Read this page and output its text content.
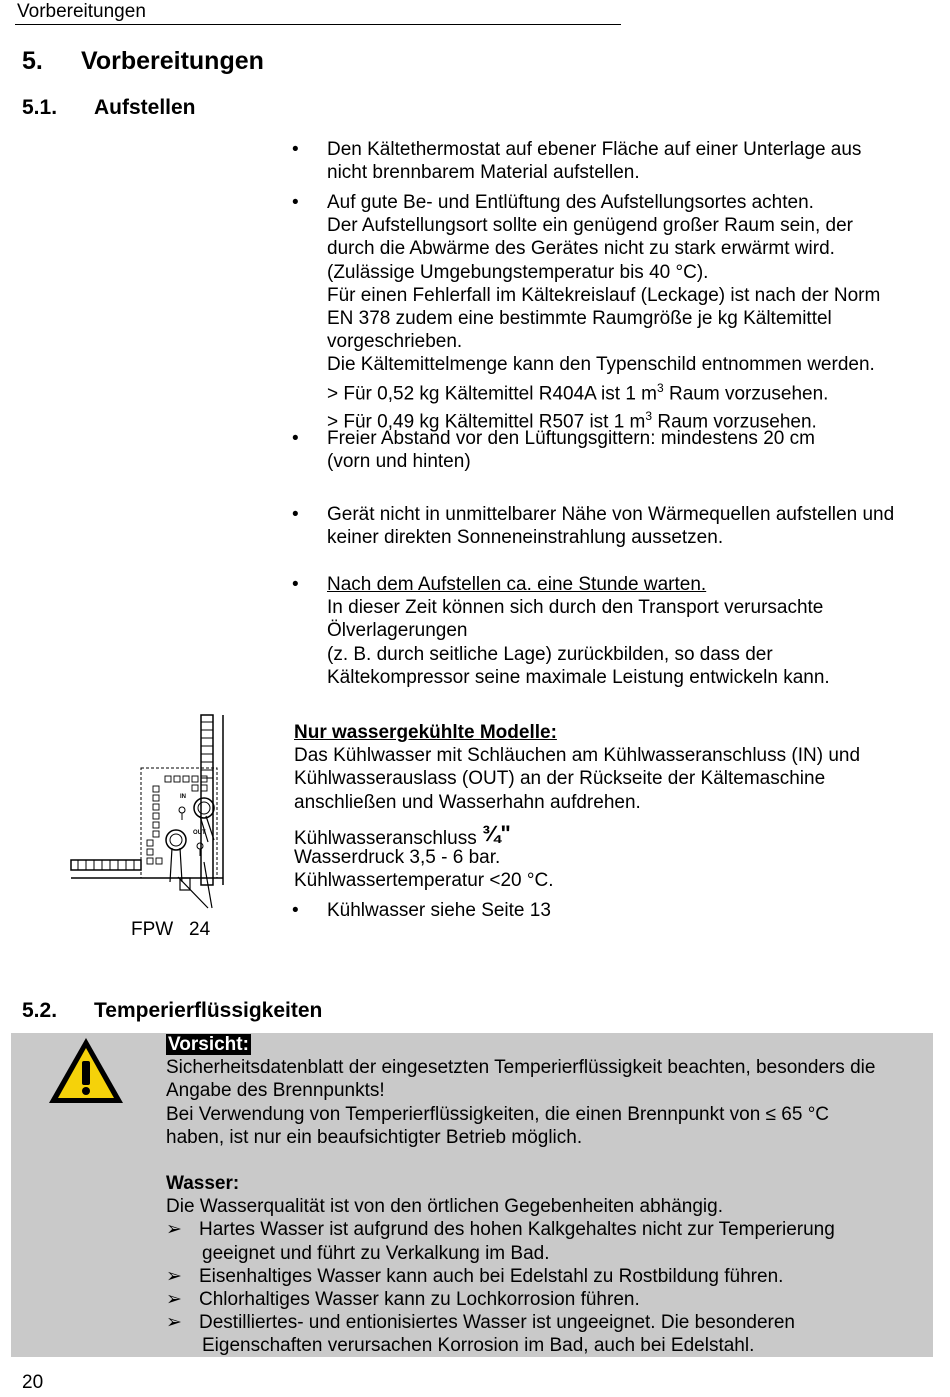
Vorbereitungen
5. Vorbereitungen
5.1. Aufstellen
• Den Kältethermostat auf ebener Fläche auf einer Unterlage aus
nicht brennbarem Material aufstellen.
• Auf gute Be- und Entlüftung des Aufstellungsortes achten.
Der Aufstellungsort sollte ein genügend großer Raum sein, der
durch die Abwärme des Gerätes nicht zu stark erwärmt wird.
(Zulässige Umgebungstemperatur bis 40 °C).
Für einen Fehlerfall im Kältekreislauf (Leckage) ist nach der Norm
EN 378 zudem eine bestimmte Raumgröße je kg Kältemittel
vorgeschrieben.
Die Kältemittelmenge kann den Typenschild entnommen werden.
> Für 0,52 kg Kältemittel R404A ist 1 $m^3$ Raum vorzusehen.
> Für 0,49 kg Kältemittel R507 ist 1 $m^3$ Raum vorzusehen.
• Freier Abstand vor den Lüftungsgittern: mindestens 20 cm
(vorn und hinten)
• Gerät nicht in unmittelbarer Nähe von Wärmequellen aufstellen und
keiner direkten Sonneneinstrahlung aussetzen.
• Nach dem Aufstellen ca. eine Stunde warten.
In dieser Zeit können sich durch den Transport verursachte
Ölverlagerungen
(z. B. durch seitliche Lage) zurückbilden, so dass der
Kältekompressor seine maximale Leistung entwickeln kann.
IN
OUT
FPW   24
Nur wassergekühlte Modelle:
Das Kühlwasser mit Schläuchen am Kühlwasseranschluss (IN) und
Kühlwasserauslass (OUT) an der Rückseite der Kältemaschine
anschließen und Wasserhahn aufdrehen.
Kühlwasseranschluss ¾"
Wasserdruck 3,5 - 6 bar.
Kühlwassertemperatur <20 °C.
• Kühlwasser siehe Seite 13
5.2. Temperierflüssigkeiten
Vorsicht:
Sicherheitsdatenblatt der eingesetzten Temperierflüssigkeit beachten, besonders die
Angabe des Brennpunkts!
Bei Verwendung von Temperierflüssigkeiten, die einen Brennpunkt von ≤ 65 °C
haben, ist nur ein beaufsichtigter Betrieb möglich.
Wasser:
Die Wasserqualität ist von den örtlichen Gegebenheiten abhängig.
➢ Hartes Wasser ist aufgrund des hohen Kalkgehaltes nicht zur Temperierung
geeignet und führt zu Verkalkung im Bad.
➢ Eisenhaltiges Wasser kann auch bei Edelstahl zu Rostbildung führen.
➢ Chlorhaltiges Wasser kann zu Lochkorrosion führen.
➢ Destilliertes- und entionisiertes Wasser ist ungeeignet. Die besonderen
Eigenschaften verursachen Korrosion im Bad, auch bei Edelstahl.
20
